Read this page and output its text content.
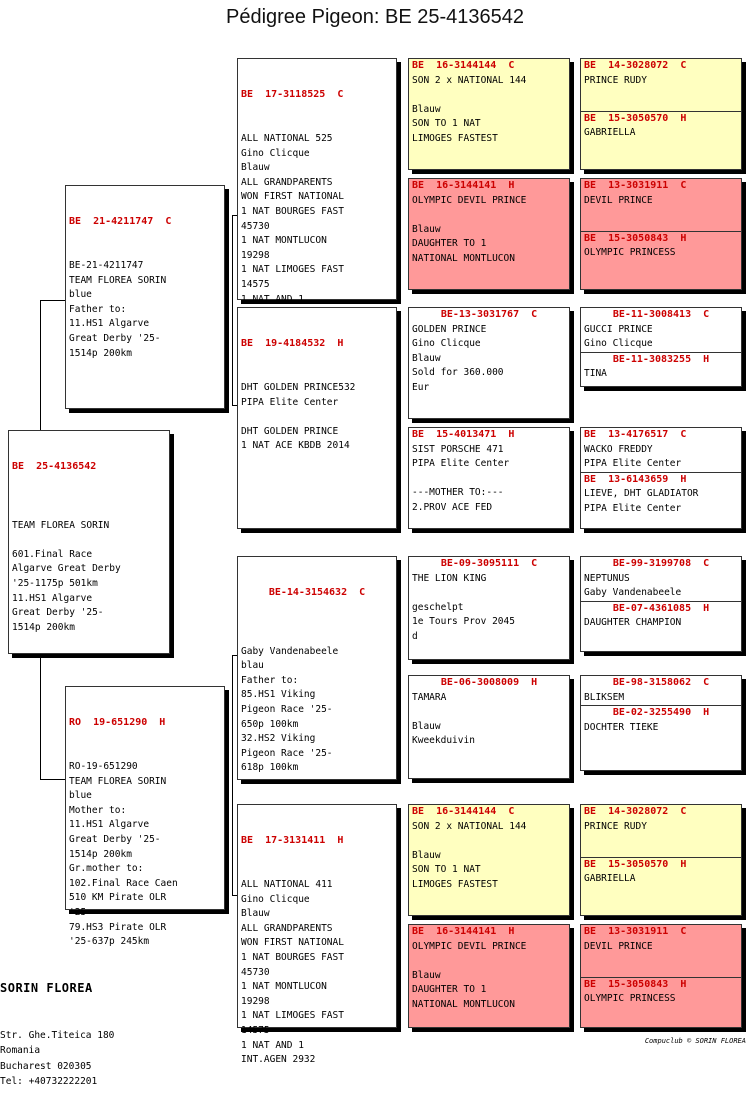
Pédigree Pigeon: BE 25-4136542

BE  25-4136542

TEAM FLOREA SORIN

601.Final Race
Algarve Great Derby
'25-1175p 501km
11.HS1 Algarve
Great Derby '25-
1514p 200km

BE  21-4211747  C

BE-21-4211747
TEAM FLOREA SORIN
blue
Father to:
11.HS1 Algarve
Great Derby '25-
1514p 200km

RO  19-651290  H

RO-19-651290
TEAM FLOREA SORIN
blue
Mother to:
11.HS1 Algarve
Great Derby '25-
1514p 200km
Gr.mother to:
102.Final Race Caen
510 KM Pirate OLR
'25
79.HS3 Pirate OLR
'25-637p 245km

BE  17-3118525  C

ALL NATIONAL 525
Gino Clicque
Blauw
ALL GRANDPARENTS
WON FIRST NATIONAL
1 NAT BOURGES FAST
45730
1 NAT MONTLUCON
19298
1 NAT LIMOGES FAST
14575
1 NAT AND 1

BE  19-4184532  H

DHT GOLDEN PRINCE532
PIPA Elite Center

DHT GOLDEN PRINCE
1 NAT ACE KBDB 2014

BE-14-3154632  C

Gaby Vandenabeele
blau
Father to:
85.HS1 Viking
Pigeon Race '25-
650p 100km
32.HS2 Viking
Pigeon Race '25-
618p 100km

BE  17-3131411  H

ALL NATIONAL 411
Gino Clicque
Blauw
ALL GRANDPARENTS
WON FIRST NATIONAL
1 NAT BOURGES FAST
45730
1 NAT MONTLUCON
19298
1 NAT LIMOGES FAST
14575
1 NAT AND 1
INT.AGEN 2932

BE  16-3144144  C
SON 2 x NATIONAL 144

Blauw
SON TO 1 NAT
LIMOGES FASTEST
BE  16-3144141  H
OLYMPIC DEVIL PRINCE

Blauw
DAUGHTER TO 1
NATIONAL MONTLUCON
BE-13-3031767  C
GOLDEN PRINCE
Gino Clicque
Blauw
Sold for 360.000
Eur
BE  15-4013471  H
SIST PORSCHE 471
PIPA Elite Center

---MOTHER TO:---
2.PROV ACE FED
BE-09-3095111  C
THE LION KING

geschelpt
1e Tours Prov 2045
d
BE-06-3008009  H
TAMARA

Blauw
Kweekduivin
BE  16-3144144  C
SON 2 x NATIONAL 144

Blauw
SON TO 1 NAT
LIMOGES FASTEST
BE  16-3144141  H
OLYMPIC DEVIL PRINCE

Blauw
DAUGHTER TO 1
NATIONAL MONTLUCON
BE  14-3028072  C
PRINCE RUDY
BE  15-3050570  H
GABRIELLA
BE  13-3031911  C
DEVIL PRINCE
BE  15-3050843  H
OLYMPIC PRINCESS
BE-11-3008413  C
GUCCI PRINCE
Gino Clicque
BE-11-3083255  H
TINA
BE  13-4176517  C
WACKO FREDDY
PIPA Elite Center
BE  13-6143659  H
LIEVE, DHT GLADIATOR
PIPA Elite Center
BE-99-3199708  C
NEPTUNUS
Gaby Vandenabeele
BE-07-4361085  H
DAUGHTER CHAMPION
BE-98-3158062  C
BLIKSEM
BE-02-3255490  H
DOCHTER TIEKE
BE  14-3028072  C
PRINCE RUDY
BE  15-3050570  H
GABRIELLA
BE  13-3031911  C
DEVIL PRINCE
BE  15-3050843  H
OLYMPIC PRINCESS

SORIN FLOREA

Str. Ghe.Titeica 180
Romania
Bucharest 020305
Tel: +40732222201

Compuclub © SORIN FLOREA
